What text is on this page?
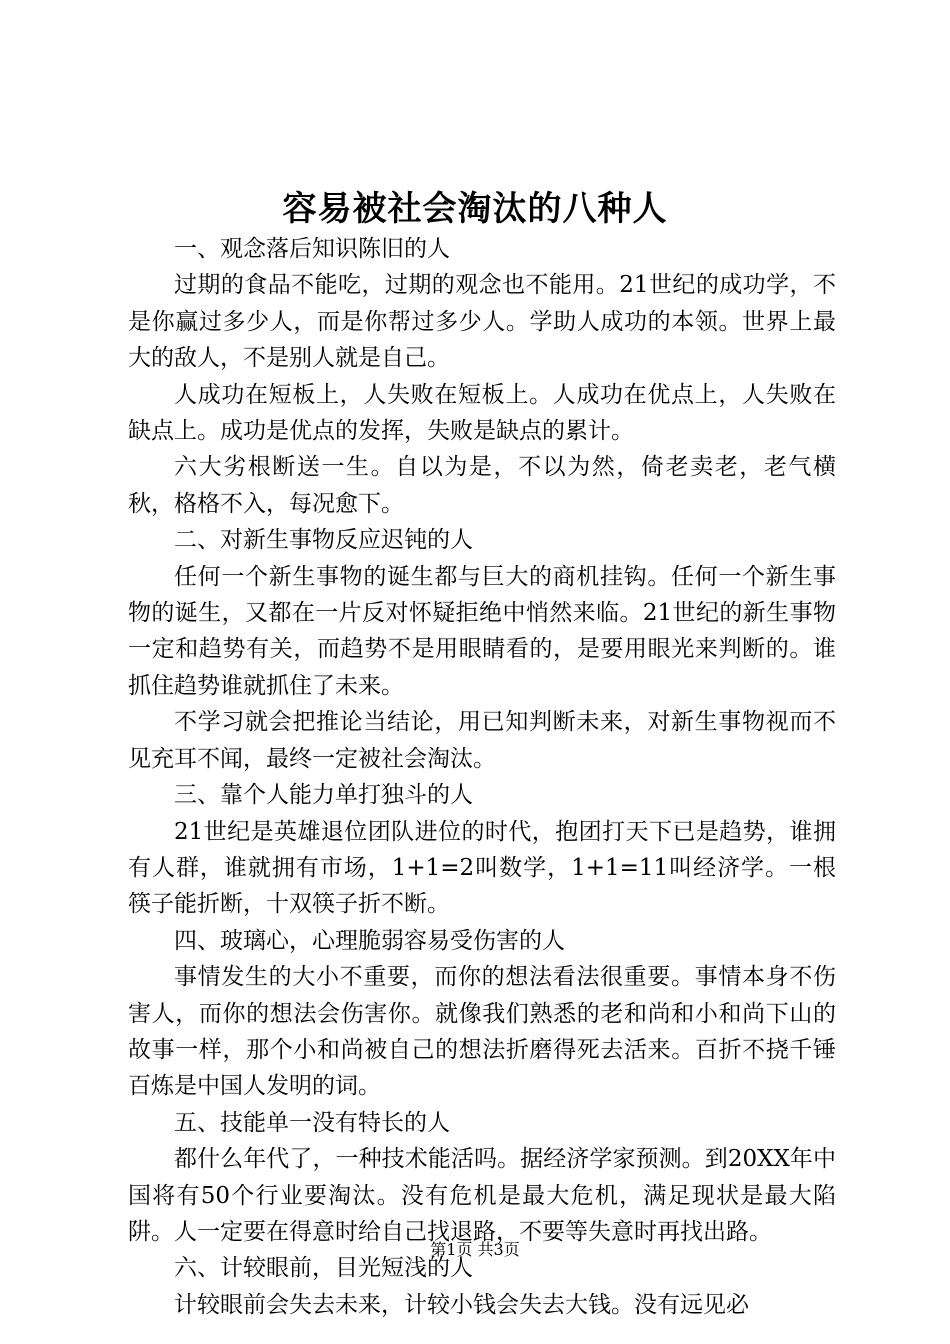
容易被社会淘汰的八种人

一、观念落后知识陈旧的人

过期的食品不能吃，过期的观念也不能用。21世纪的成功学，不是你赢过多少人，而是你帮过多少人。学助人成功的本领。世界上最大的敌人，不是别人就是自己。

人成功在短板上，人失败在短板上。人成功在优点上，人失败在缺点上。成功是优点的发挥，失败是缺点的累计。

六大劣根断送一生。自以为是，不以为然，倚老卖老，老气横秋，格格不入，每况愈下。

二、对新生事物反应迟钝的人

任何一个新生事物的诞生都与巨大的商机挂钩。任何一个新生事物的诞生，又都在一片反对怀疑拒绝中悄然来临。21世纪的新生事物一定和趋势有关，而趋势不是用眼睛看的，是要用眼光来判断的。谁抓住趋势谁就抓住了未来。

不学习就会把推论当结论，用已知判断未来，对新生事物视而不见充耳不闻，最终一定被社会淘汰。

三、靠个人能力单打独斗的人

21世纪是英雄退位团队进位的时代，抱团打天下已是趋势，谁拥有人群，谁就拥有市场，1+1=2叫数学，1+1=11叫经济学。一根筷子能折断，十双筷子折不断。

四、玻璃心，心理脆弱容易受伤害的人

事情发生的大小不重要，而你的想法看法很重要。事情本身不伤害人，而你的想法会伤害你。就像我们熟悉的老和尚和小和尚下山的故事一样，那个小和尚被自己的想法折磨得死去活来。百折不挠千锤百炼是中国人发明的词。

五、技能单一没有特长的人

都什么年代了，一种技术能活吗。据经济学家预测。到20XX年中国将有50个行业要淘汰。没有危机是最大危机，满足现状是最大陷阱。人一定要在得意时给自己找退路，不要等失意时再找出路。

六、计较眼前，目光短浅的人

计较眼前会失去未来，计较小钱会失去大钱。没有远见必

第1页 共3页
